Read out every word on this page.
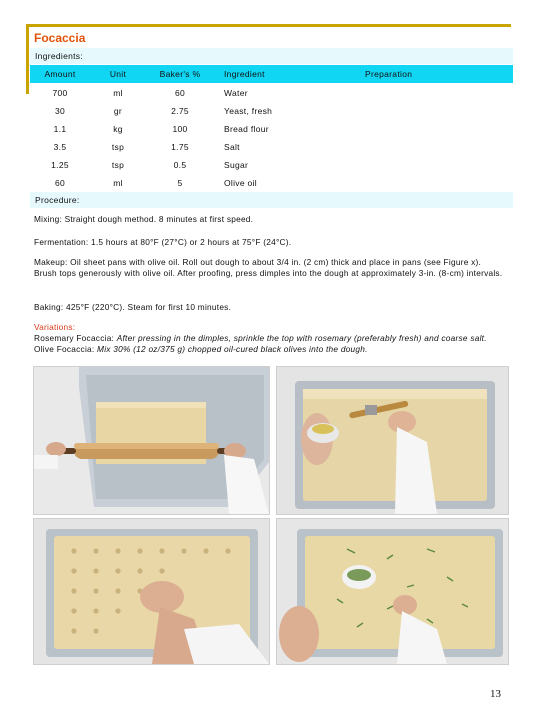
Focaccia
Ingredients:
Amount	Unit	Baker's %	Ingredient	Preparation
700	ml	60	Water
30	gr	2.75	Yeast, fresh
1.1	kg	100	Bread flour
3.5	tsp	1.75	Salt
1.25	tsp	0.5	Sugar
60	ml	5	Olive oil
Procedure:

Mixing: Straight dough method. 8 minutes at first speed.

Fermentation: 1.5 hours at 80°F (27°C) or 2 hours at 75°F (24°C).

Makeup: Oil sheet pans with olive oil. Roll out dough to about 3/4 in. (2 cm) thick and place in pans (see Figure x). Brush tops generously with olive oil. After proofing, press dimples into the dough at approximately 3-in. (8-cm) intervals.

Baking: 425°F (220°C). Steam for first 10 minutes.

Variations:

Rosemary Focaccia: After pressing in the dimples, sprinkle the top with rosemary (preferably fresh) and coarse salt.

Olive Focaccia: Mix 30% (12 oz/375 g) chopped oil-cured black olives into the dough.

13
